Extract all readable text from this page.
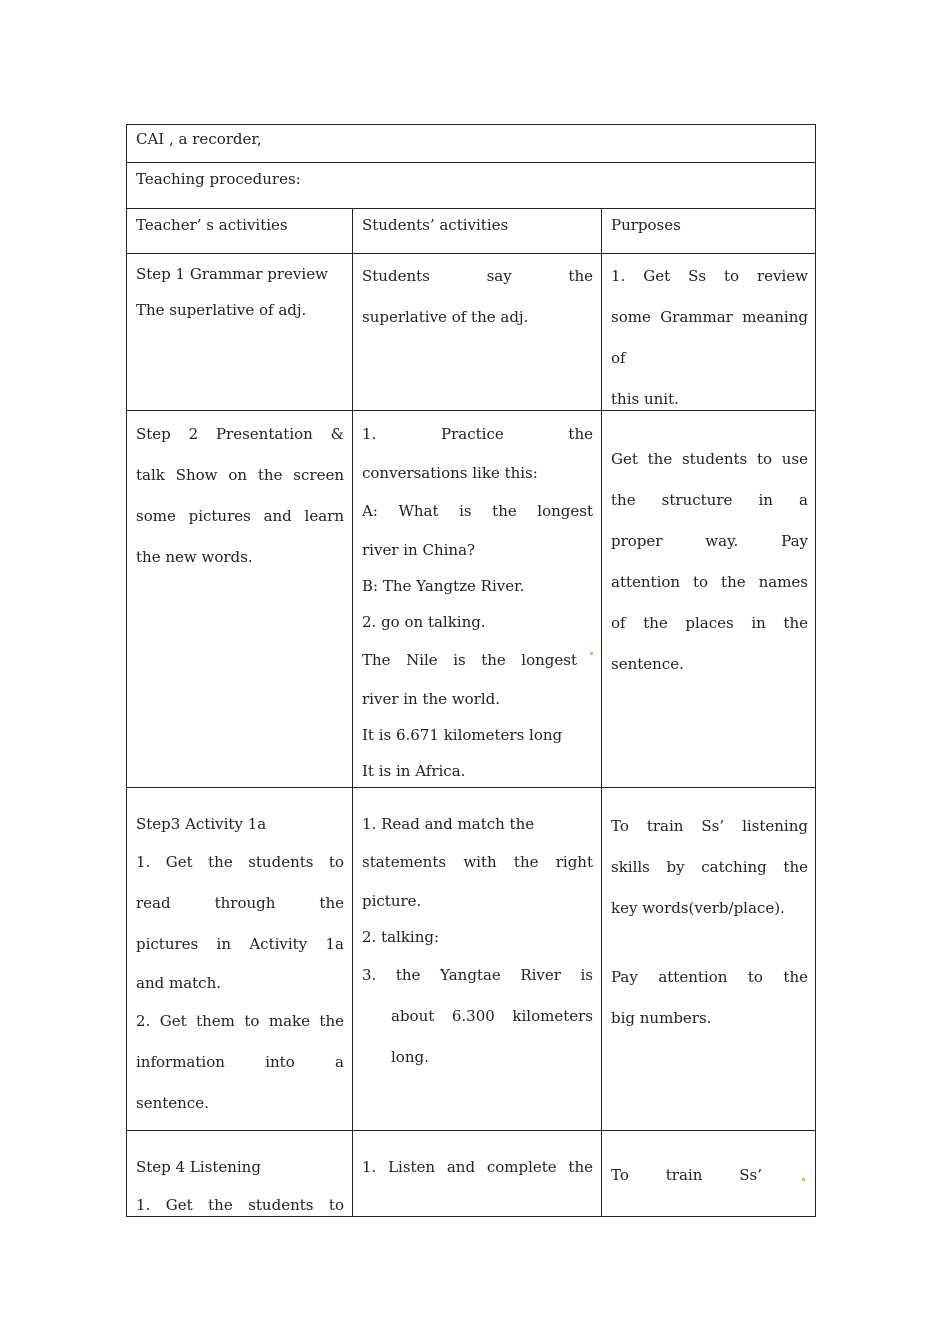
CAI , a recorder,
Teaching procedures:
Teacher’ s activities	Students’ activities	Purposes
Step 1 Grammar preview
The superlative of adj.
Students say the
superlative of the adj.
1. Get Ss to review
some Grammar meaning of
this unit.
Step 2 Presentation &
talk Show on the screen
some pictures and learn
the new words.
1. Practice the
conversations like this:
A: What is the longest
river in China?
B: The Yangtze River.
2. go on talking.
The Nile is the longest
river in the world.
It is 6.671 kilometers long
It is in Africa.
Get the students to use
the structure in a
proper way. Pay
attention to the names
of the places in the
sentence.
Step3 Activity 1a
1. Get the students to
read through the
pictures in Activity 1a
and match.
2. Get them to make the
information into a
sentence.
1. Read and match the
statements with the right
picture.
2. talking:
3. the Yangtae River is
about 6.300 kilometers
long.
To train Ss’ listening
skills by catching the
key words(verb/place).
Pay attention to the
big numbers.
Step 4 Listening
1. Get the students to
1. Listen and complete the To train Ss’
